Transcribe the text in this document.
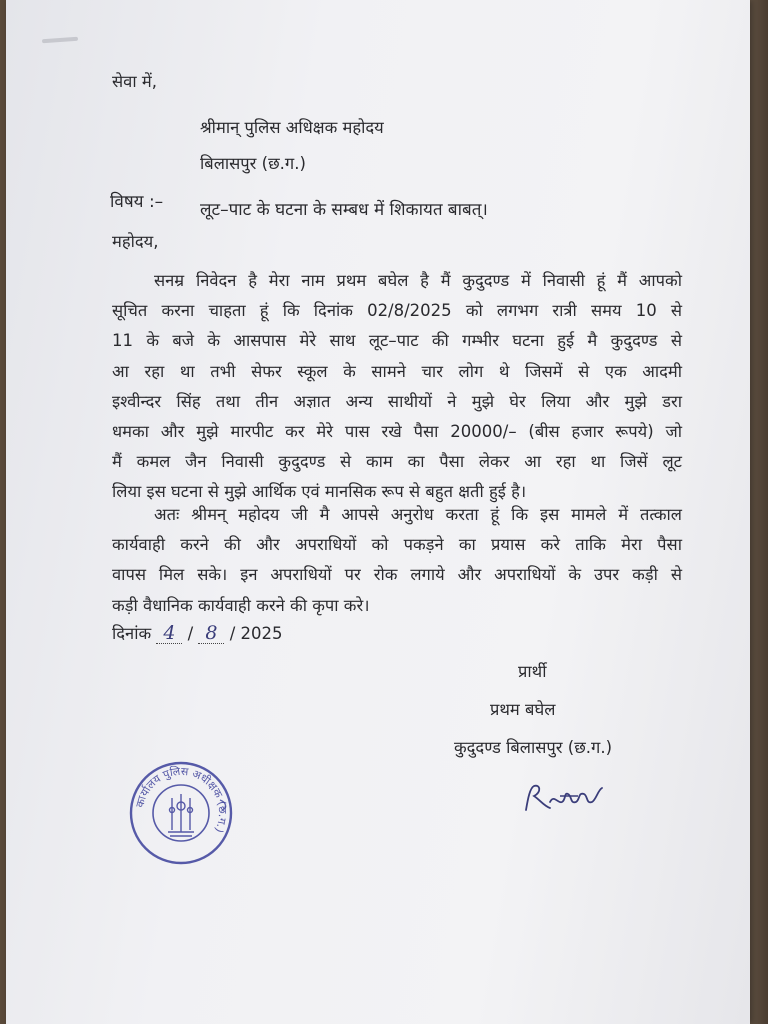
सेवा में,
श्रीमान् पुलिस अधिक्षक महोदय
बिलासपुर (छ.ग.)
विषय :– लूट–पाट के घटना के सम्बध में शिकायत बाबत्।
महोदय,
सनम्र निवेदन है मेरा नाम प्रथम बघेल है मैं कुदुदण्ड में निवासी हूं मैं आपको
सूचित करना चाहता हूं कि दिनांक 02/8/2025 को लगभग रात्री समय 10 से
11 के बजे के आसपास मेरे साथ लूट–पाट की गम्भीर घटना हुई मै कुदुदण्ड से
आ रहा था तभी सेफर स्कूल के सामने चार लोग थे जिसमें से एक आदमी
इश्वीन्दर सिंह तथा तीन अज्ञात अन्य साथीयों ने मुझे घेर लिया और मुझे डरा
धमका और मुझे मारपीट कर मेरे पास रखे पैसा 20000/– (बीस हजार रूपये) जो
मैं कमल जैन निवासी कुदुदण्ड से काम का पैसा लेकर आ रहा था जिसें लूट
लिया इस घटना से मुझे आर्थिक एवं मानसिक रूप से बहुत क्षती हुई है।
अतः श्रीमन् महोदय जी मै आपसे अनुरोध करता हूं कि इस मामले में तत्काल
कार्यवाही करने की और अपराधियों को पकड़ने का प्रयास करे ताकि मेरा पैसा
वापस मिल सके। इन अपराधियों पर रोक लगाये और अपराधियों के उपर कड़ी से
कड़ी वैधानिक कार्यवाही करने की कृपा करे।
दिनांक 4 / 8 / 2025
प्रार्थी
प्रथम बघेल
कुदुदण्ड बिलासपुर (छ.ग.)
कार्यालय पुलिस अधीक्षक (छ.ग.)
